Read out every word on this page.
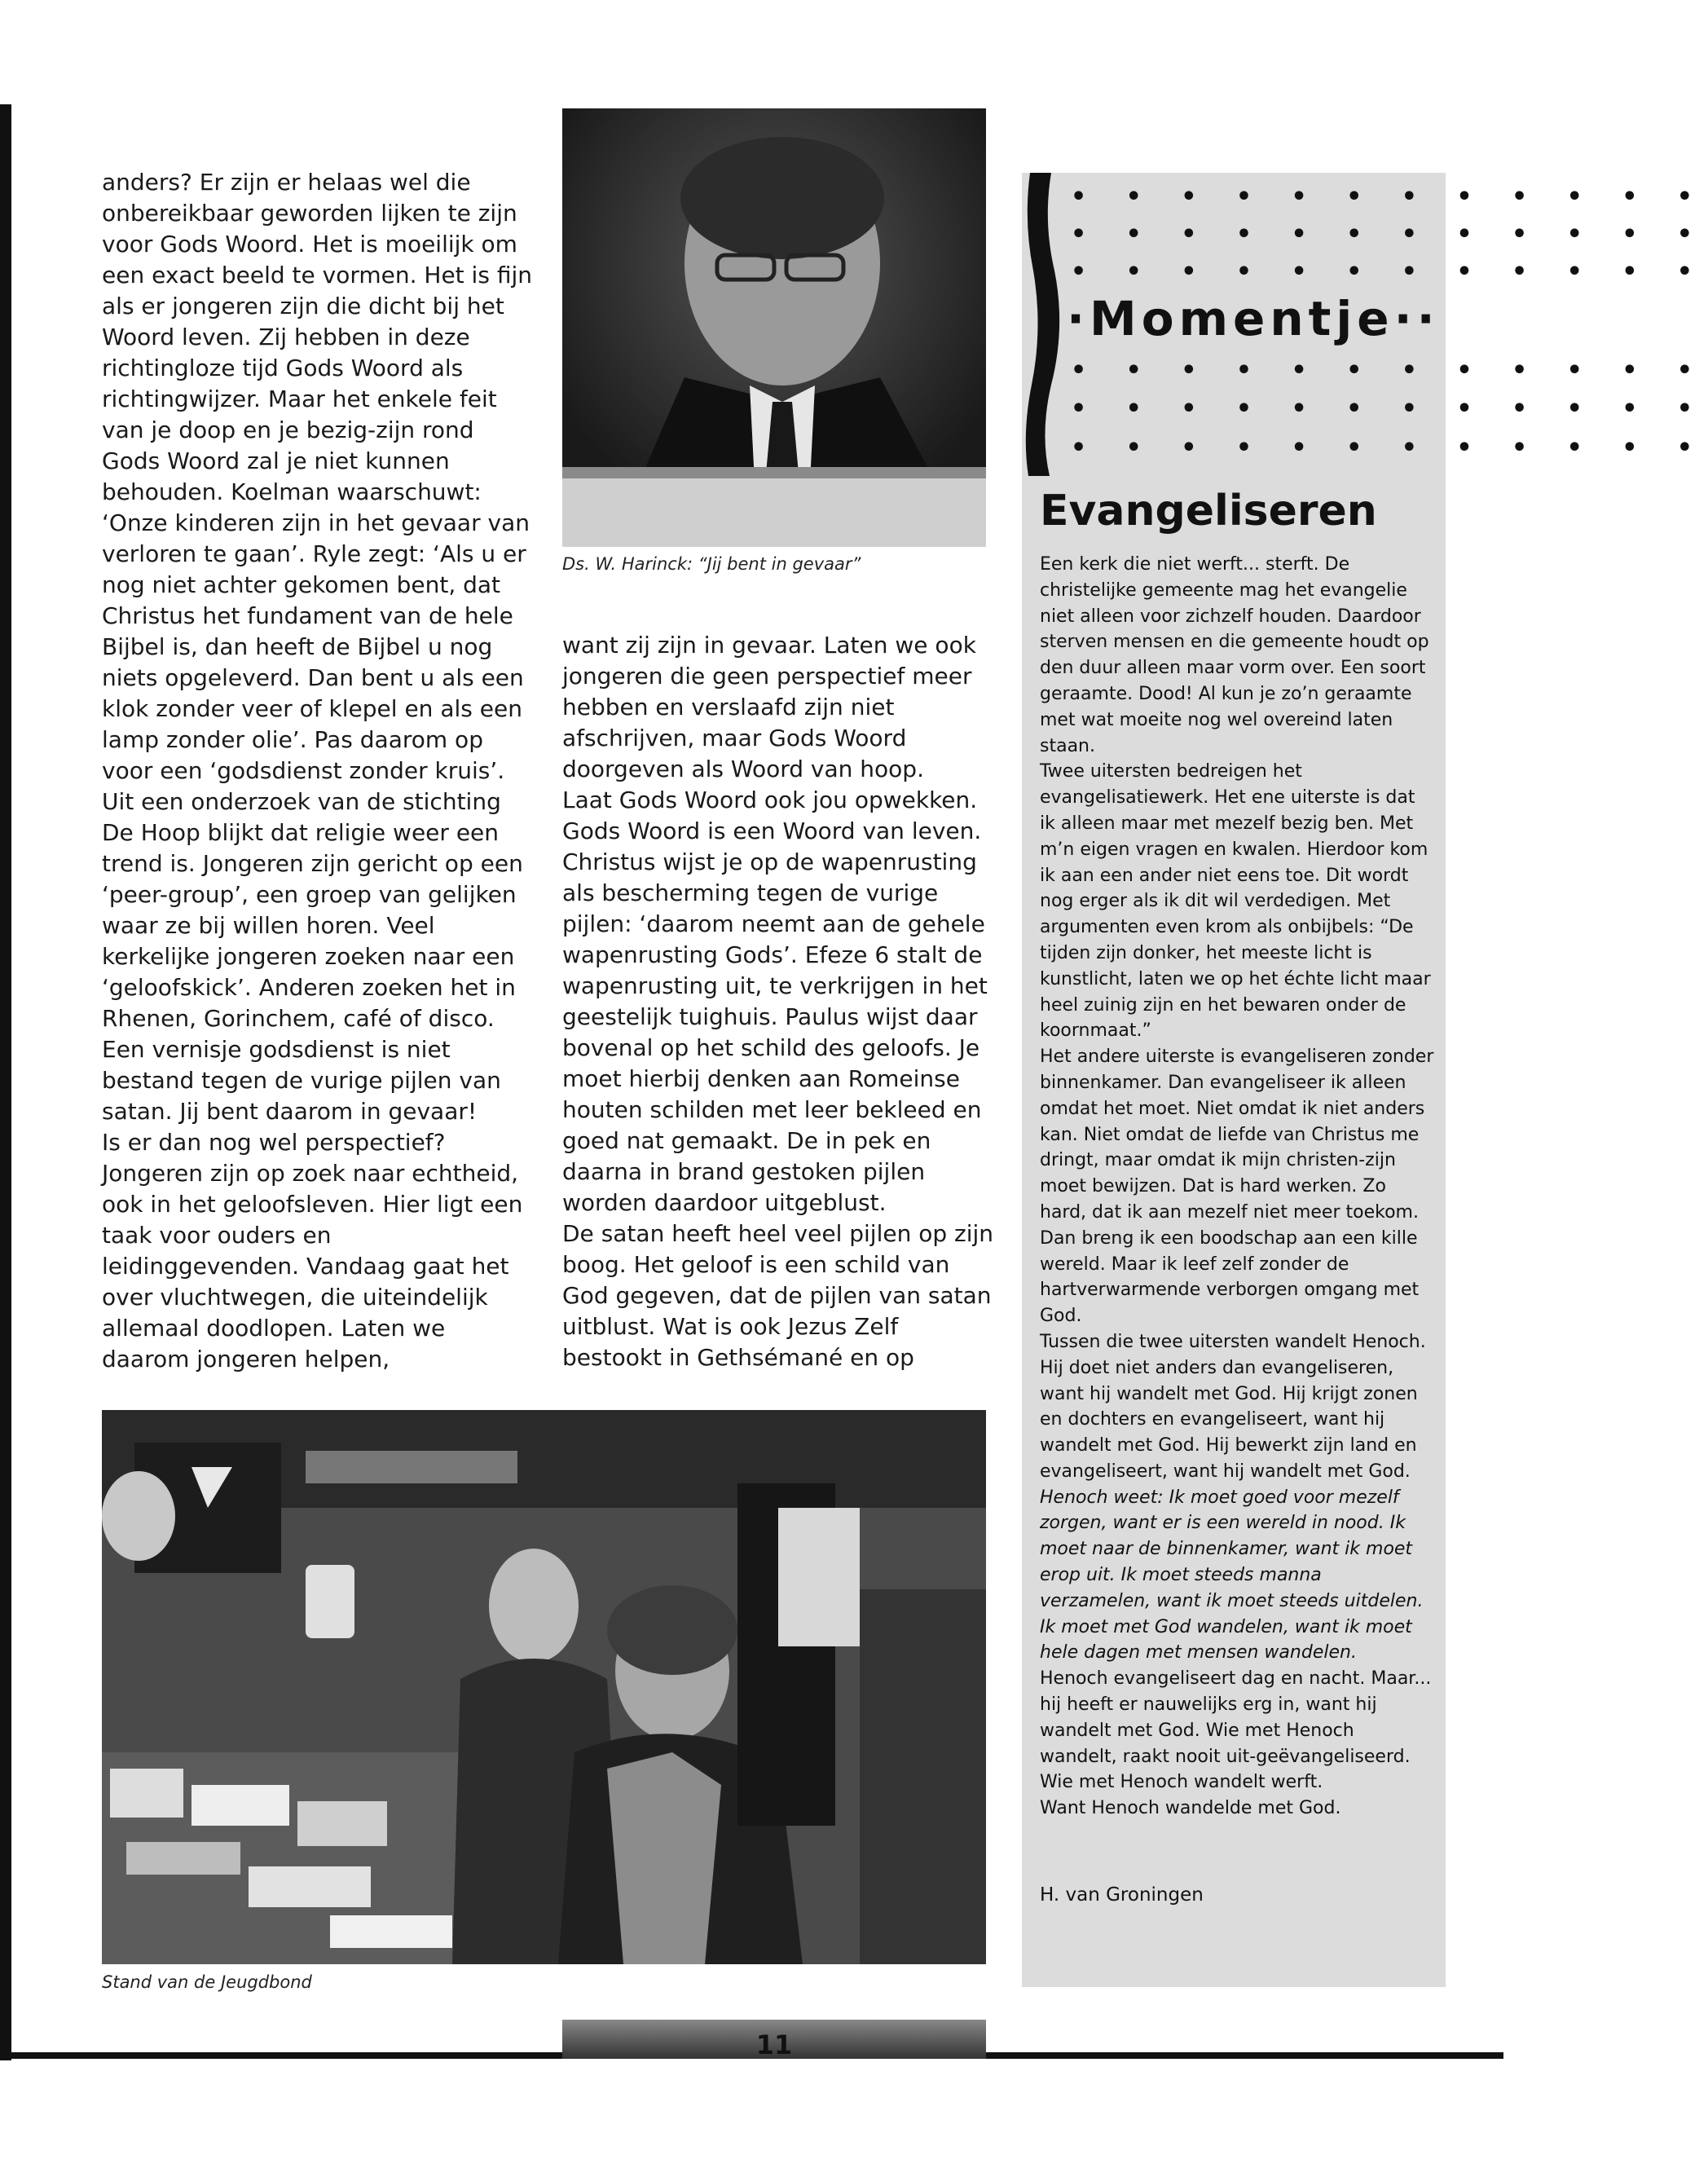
anders? Er zijn er helaas wel die onbereikbaar geworden lijken te zijn voor Gods Woord. Het is moeilijk om een exact beeld te vormen. Het is fijn als er jongeren zijn die dicht bij het Woord leven. Zij hebben in deze richtingloze tijd Gods Woord als richtingwijzer. Maar het enkele feit van je doop en je bezig-zijn rond Gods Woord zal je niet kunnen behouden. Koelman waarschuwt: ‘Onze kinderen zijn in het gevaar van verloren te gaan’. Ryle zegt: ‘Als u er nog niet achter gekomen bent, dat Christus het fundament van de hele Bijbel is, dan heeft de Bijbel u nog niets opgeleverd. Dan bent u als een klok zonder veer of klepel en als een lamp zonder olie’. Pas daarom op voor een ‘godsdienst zonder kruis’.

Uit een onderzoek van de stichting De Hoop blijkt dat religie weer een trend is. Jongeren zijn gericht op een ‘peer-group’, een groep van gelijken waar ze bij willen horen. Veel kerkelijke jongeren zoeken naar een ‘geloofskick’. Anderen zoeken het in Rhenen, Gorinchem, café of disco. Een vernisje godsdienst is niet bestand tegen de vurige pijlen van satan. Jij bent daarom in gevaar!

Is er dan nog wel perspectief? Jongeren zijn op zoek naar echtheid, ook in het geloofsleven. Hier ligt een taak voor ouders en leidinggevenden. Vandaag gaat het over vluchtwegen, die uiteindelijk allemaal doodlopen. Laten we daarom jongeren helpen,

Ds. W. Harinck: “Jij bent in gevaar”

want zij zijn in gevaar. Laten we ook jongeren die geen perspectief meer hebben en verslaafd zijn niet afschrijven, maar Gods Woord doorgeven als Woord van hoop.

Laat Gods Woord ook jou opwekken. Gods Woord is een Woord van leven. Christus wijst je op de wapenrusting als bescherming tegen de vurige pijlen: ‘daarom neemt aan de gehele wapenrusting Gods’. Efeze 6 stalt de wapenrusting uit, te verkrijgen in het geestelijk tuighuis. Paulus wijst daar bovenal op het schild des geloofs. Je moet hierbij denken aan Romeinse houten schilden met leer bekleed en goed nat gemaakt. De in pek en daarna in brand gestoken pijlen worden daardoor uitgeblust.

De satan heeft heel veel pijlen op zijn boog. Het geloof is een schild van God gegeven, dat de pijlen van satan uitblust. Wat is ook Jezus Zelf bestookt in Gethsémané en op

Stand van de Jeugdbond
• • • • • • • • • • • •
• • • • • • • • • • • •
• • • • • • • • • • • •
·Momentje··
• • • • • • • • • • • •
• • • • • • • • • • • •
• • • • • • • • • • • •
Evangeliseren

Een kerk die niet werft... sterft. De christelijke gemeente mag het evangelie niet alleen voor zichzelf houden. Daardoor sterven mensen en die gemeente houdt op den duur alleen maar vorm over. Een soort geraamte. Dood! Al kun je zo’n geraamte met wat moeite nog wel overeind laten staan.

Twee uitersten bedreigen het evangelisatiewerk. Het ene uiterste is dat ik alleen maar met mezelf bezig ben. Met m’n eigen vragen en kwalen. Hierdoor kom ik aan een ander niet eens toe. Dit wordt nog erger als ik dit wil verdedigen. Met argumenten even krom als onbijbels: “De tijden zijn donker, het meeste licht is kunstlicht, laten we op het échte licht maar heel zuinig zijn en het bewaren onder de koornmaat.”

Het andere uiterste is evangeliseren zonder binnenkamer. Dan evangeliseer ik alleen omdat het moet. Niet omdat ik niet anders kan. Niet omdat de liefde van Christus me dringt, maar omdat ik mijn christen-zijn moet bewijzen. Dat is hard werken. Zo hard, dat ik aan mezelf niet meer toekom. Dan breng ik een boodschap aan een kille wereld. Maar ik leef zelf zonder de hartverwarmende verborgen omgang met God.

Tussen die twee uitersten wandelt Henoch. Hij doet niet anders dan evangeliseren, want hij wandelt met God. Hij krijgt zonen en dochters en evangeliseert, want hij wandelt met God. Hij bewerkt zijn land en evangeliseert, want hij wandelt met God.

Henoch weet: Ik moet goed voor mezelf zorgen, want er is een wereld in nood. Ik moet naar de binnenkamer, want ik moet erop uit. Ik moet steeds manna verzamelen, want ik moet steeds uitdelen. Ik moet met God wandelen, want ik moet hele dagen met mensen wandelen.

Henoch evangeliseert dag en nacht. Maar... hij heeft er nauwelijks erg in, want hij wandelt met God. Wie met Henoch wandelt, raakt nooit uit-geëvangeliseerd.

Wie met Henoch wandelt werft.

Want Henoch wandelde met God.

H. van Groningen
11
